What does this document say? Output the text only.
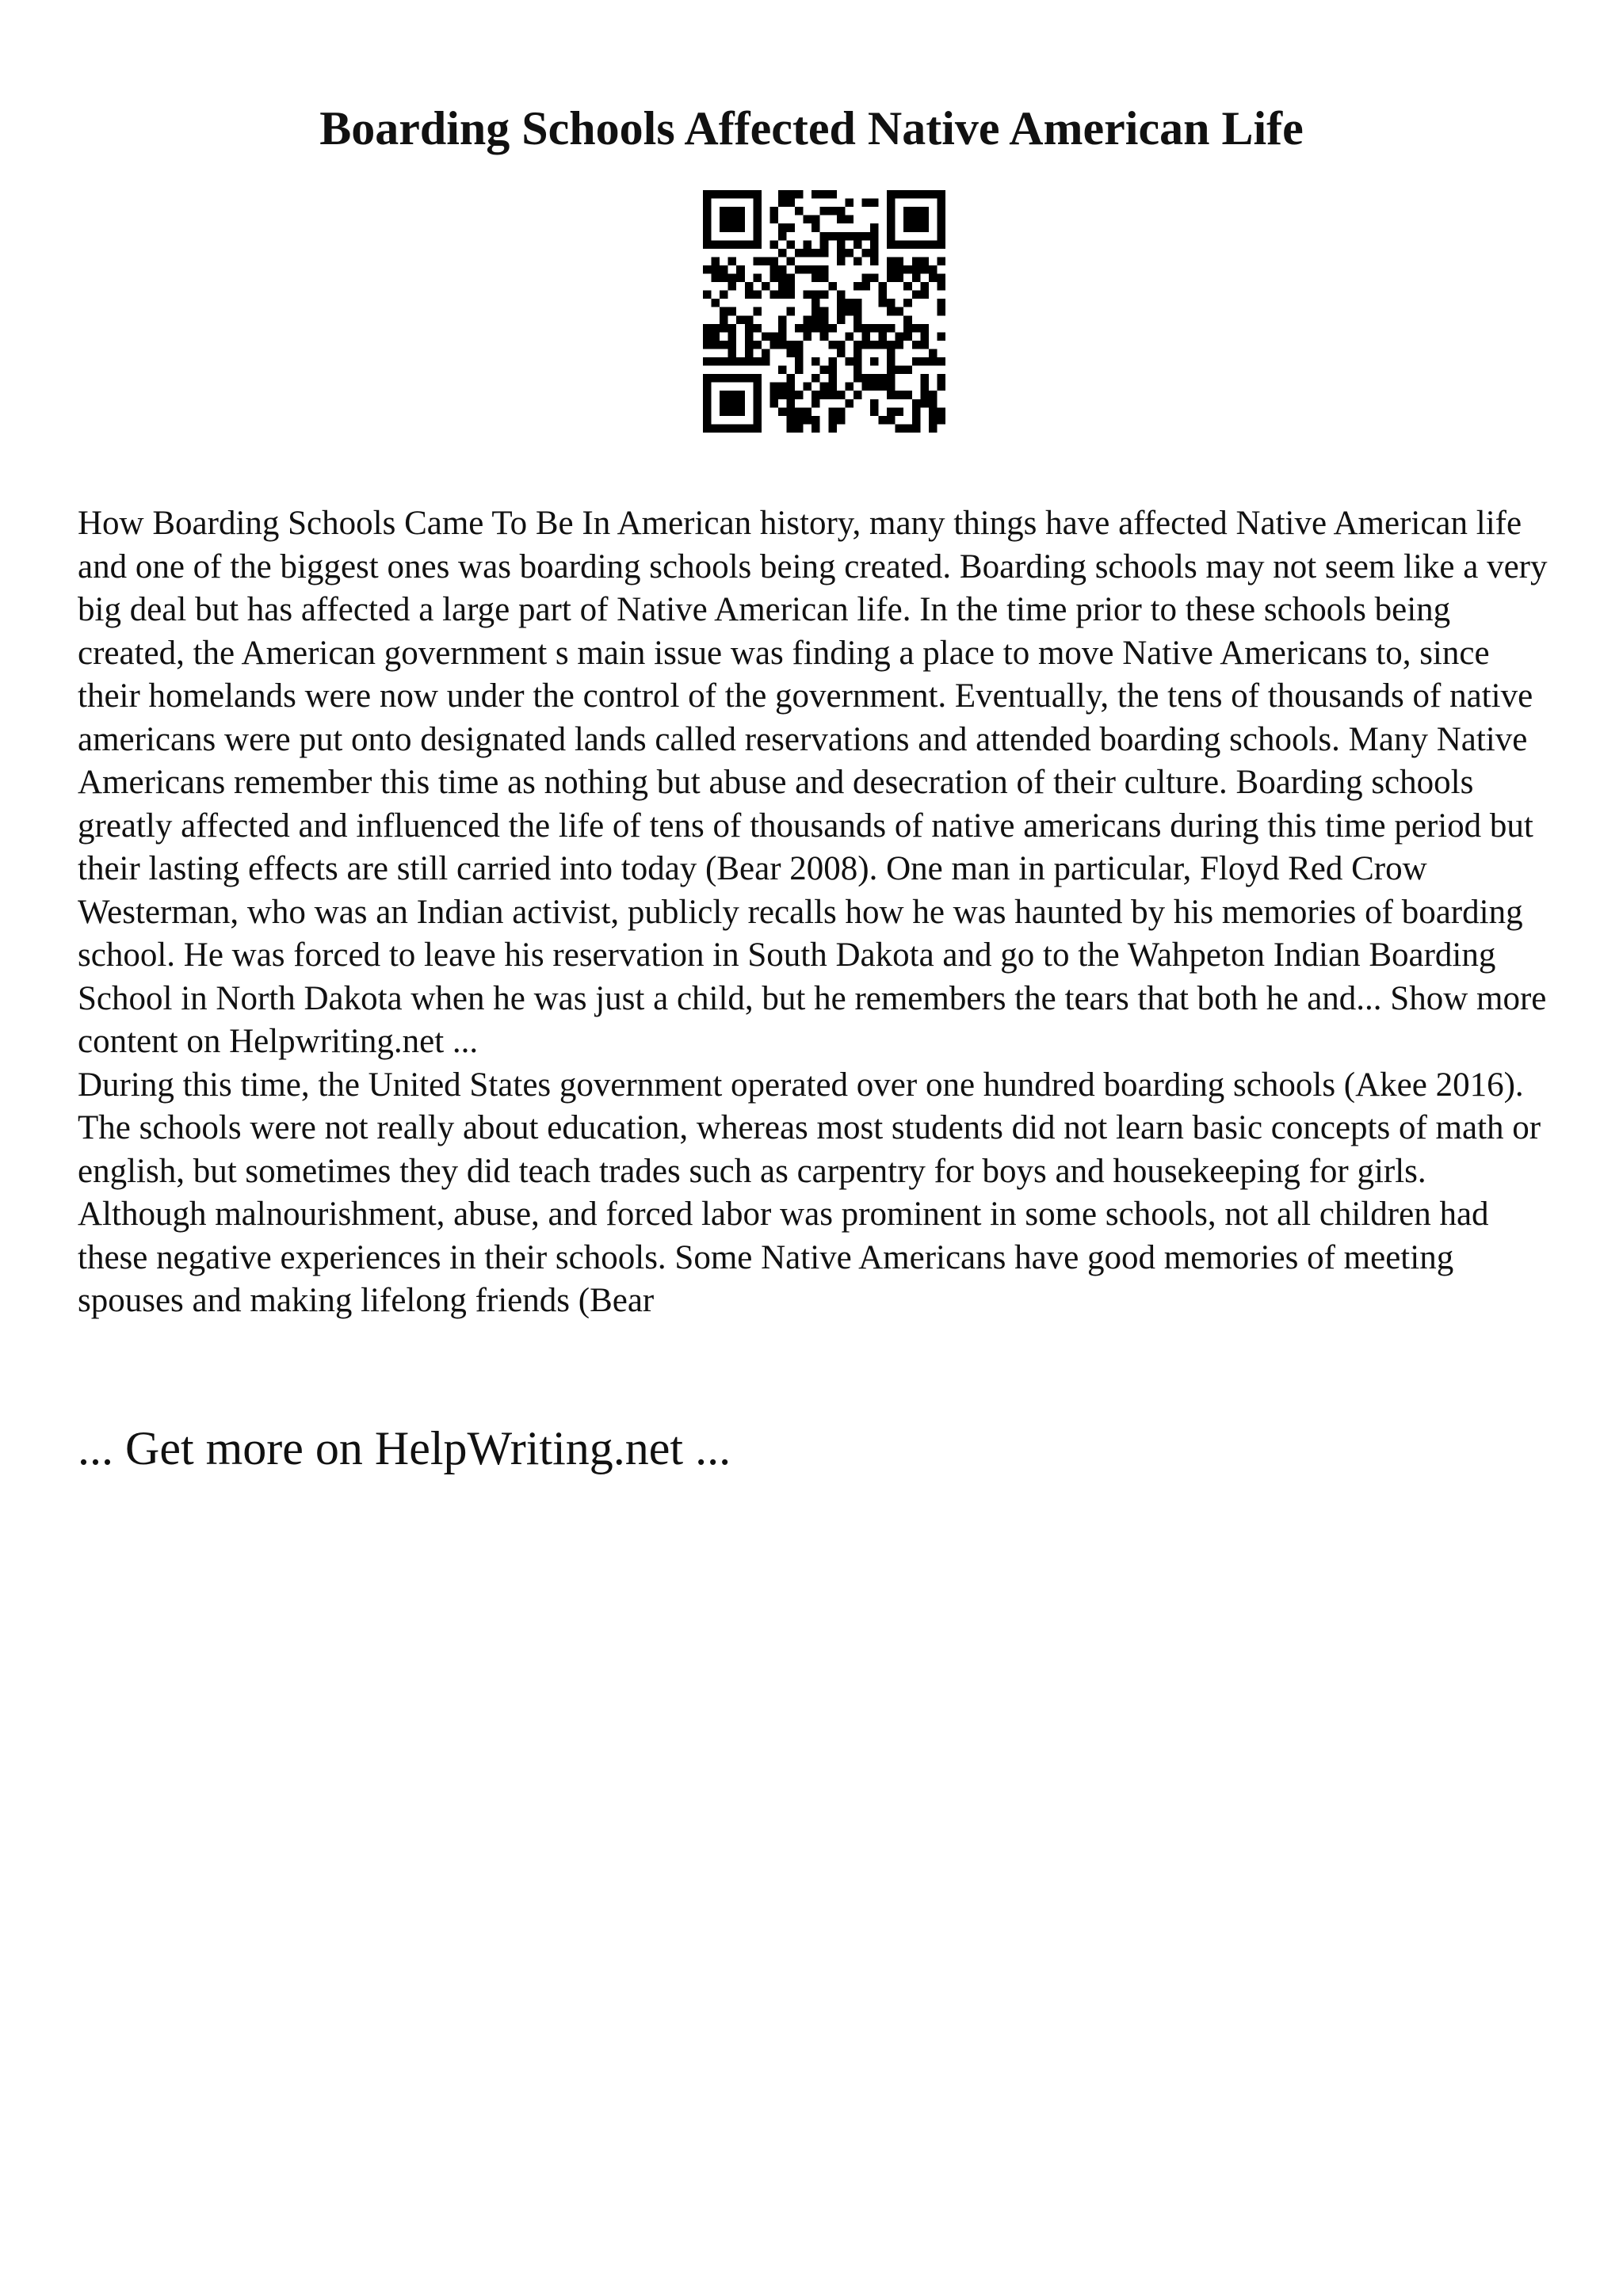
Boarding Schools Affected Native American Life

How Boarding Schools Came To Be In American history, many things have affected Native American life and one of the biggest ones was boarding schools being created. Boarding schools may not seem like a very big deal but has affected a large part of Native American life. In the time prior to these schools being created, the American government s main issue was finding a place to move Native Americans to, since their homelands were now under the control of the government. Eventually, the tens of thousands of native americans were put onto designated lands called reservations and attended boarding schools. Many Native Americans remember this time as nothing but abuse and desecration of their culture. Boarding schools greatly affected and influenced the life of tens of thousands of native americans during this time period but their lasting effects are still carried into today (Bear 2008). One man in particular, Floyd Red Crow Westerman, who was an Indian activist, publicly recalls how he was haunted by his memories of boarding school. He was forced to leave his reservation in South Dakota and go to the Wahpeton Indian Boarding School in North Dakota when he was just a child, but he remembers the tears that both he and... Show more content on Helpwriting.net ...

During this time, the United States government operated over one hundred boarding schools (Akee 2016). The schools were not really about education, whereas most students did not learn basic concepts of math or english, but sometimes they did teach trades such as carpentry for boys and housekeeping for girls. Although malnourishment, abuse, and forced labor was prominent in some schools, not all children had these negative experiences in their schools. Some Native Americans have good memories of meeting spouses and making lifelong friends (Bear

... Get more on HelpWriting.net ...
